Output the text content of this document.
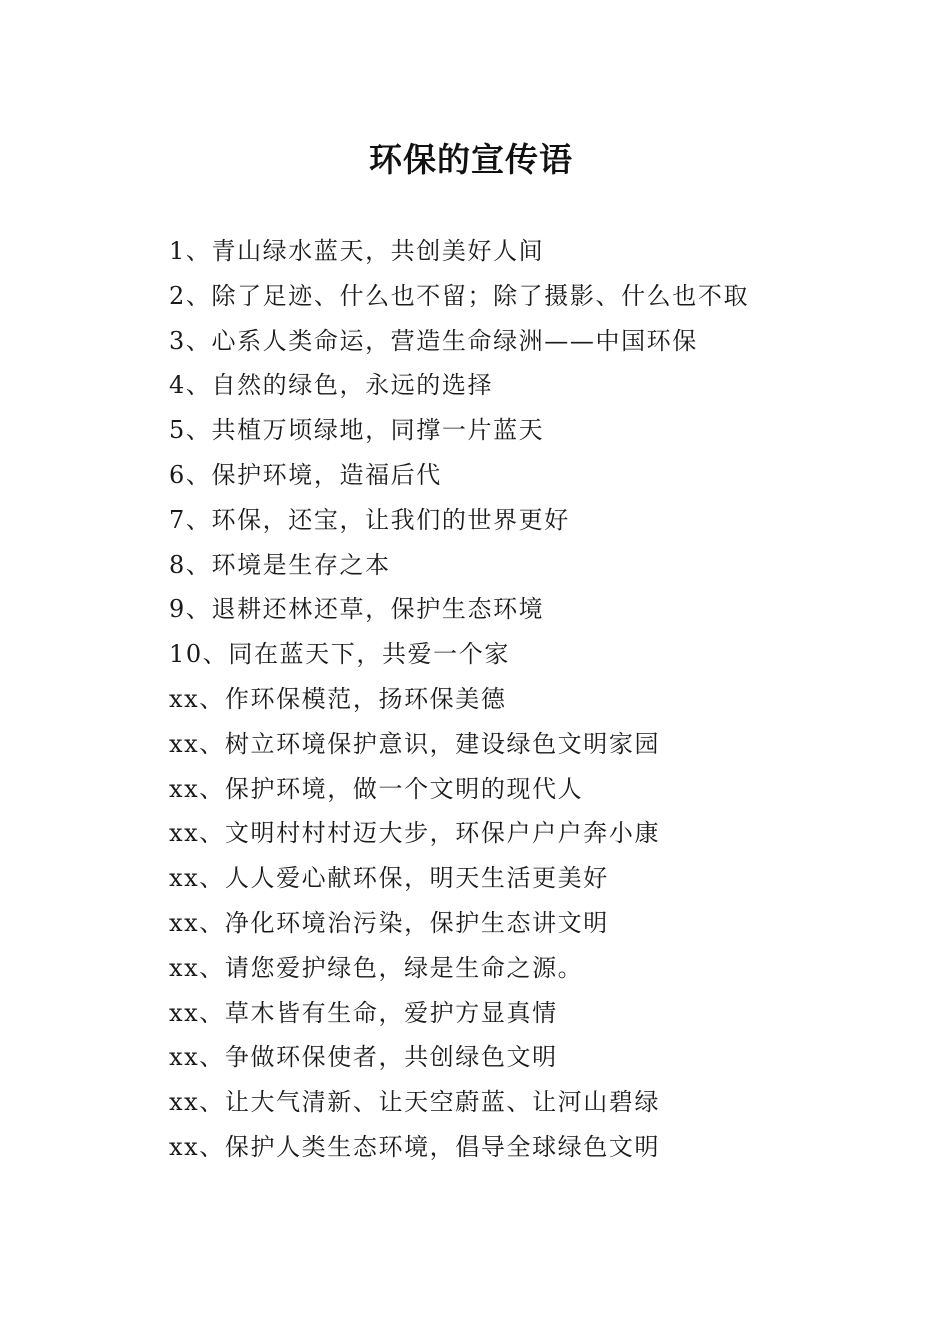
环保的宣传语
1、青山绿水蓝天，共创美好人间
2、除了足迹、什么也不留；除了摄影、什么也不取
3、心系人类命运，营造生命绿洲——中国环保
4、自然的绿色，永远的选择
5、共植万顷绿地，同撑一片蓝天
6、保护环境，造福后代
7、环保，还宝，让我们的世界更好
8、环境是生存之本
9、退耕还林还草，保护生态环境
10、同在蓝天下，共爱一个家
xx、作环保模范，扬环保美德
xx、树立环境保护意识，建设绿色文明家园
xx、保护环境，做一个文明的现代人
xx、文明村村村迈大步，环保户户户奔小康
xx、人人爱心献环保，明天生活更美好
xx、净化环境治污染，保护生态讲文明
xx、请您爱护绿色，绿是生命之源。
xx、草木皆有生命，爱护方显真情
xx、争做环保使者，共创绿色文明
xx、让大气清新、让天空蔚蓝、让河山碧绿
xx、保护人类生态环境，倡导全球绿色文明
